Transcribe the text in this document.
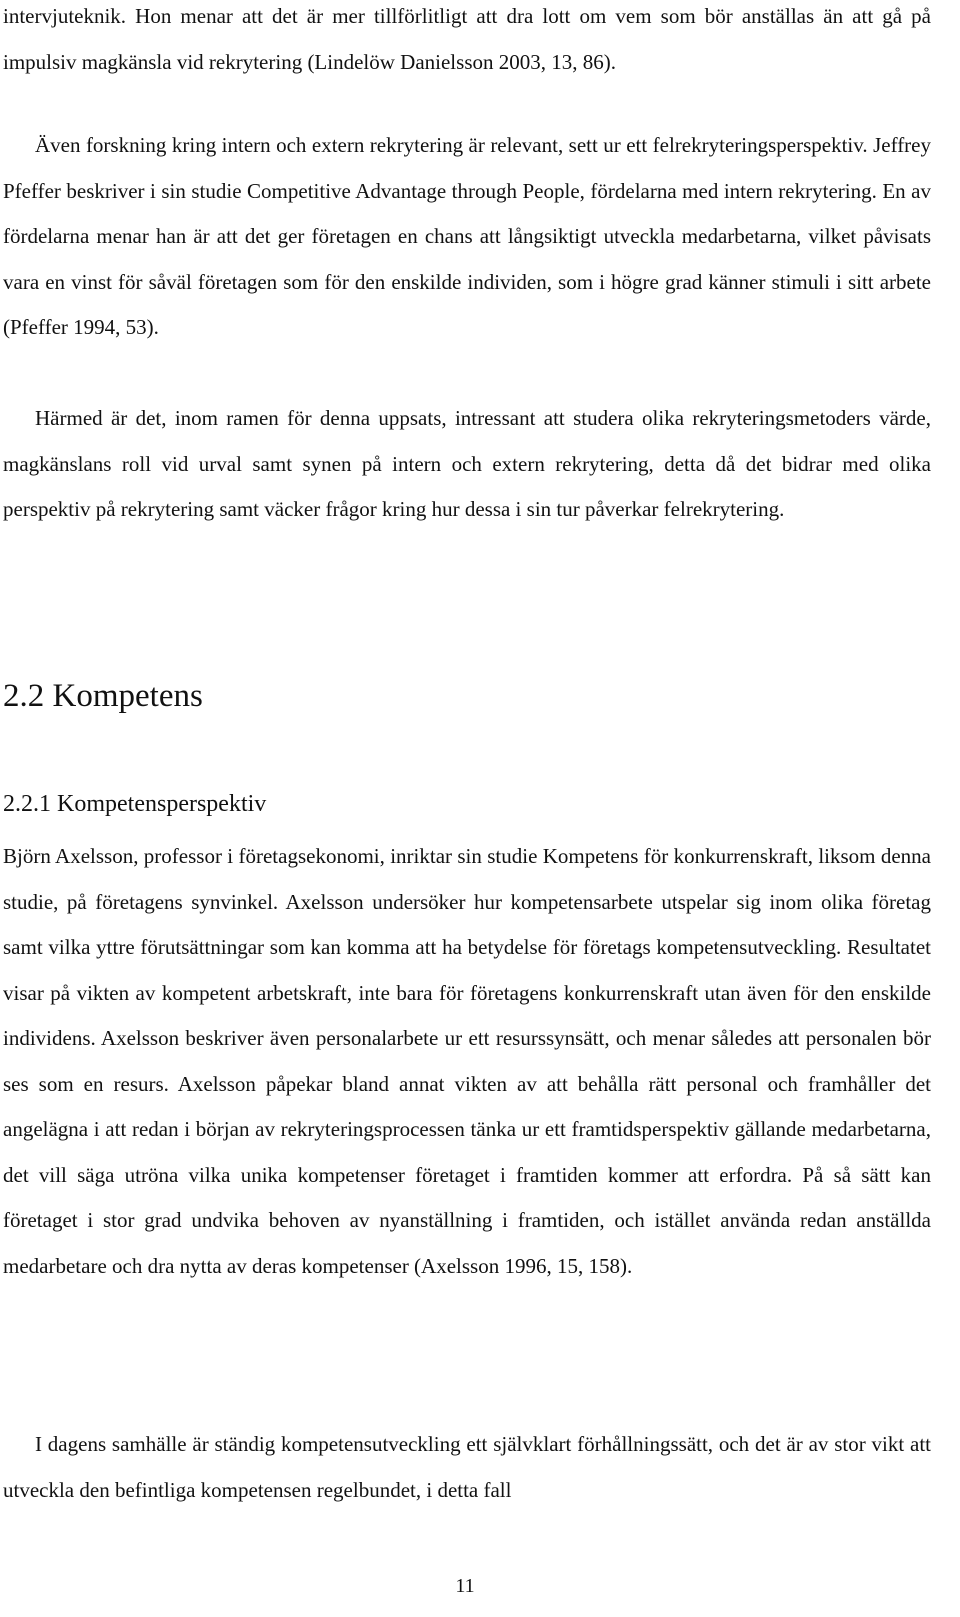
intervjuteknik. Hon menar att det är mer tillförlitligt att dra lott om vem som bör anställas än att gå på impulsiv magkänsla vid rekrytering (Lindelöw Danielsson 2003, 13, 86).

Även forskning kring intern och extern rekrytering är relevant, sett ur ett felrekryteringsperspektiv. Jeffrey Pfeffer beskriver i sin studie Competitive Advantage through People, fördelarna med intern rekrytering. En av fördelarna menar han är att det ger företagen en chans att långsiktigt utveckla medarbetarna, vilket påvisats vara en vinst för såväl företagen som för den enskilde individen, som i högre grad känner stimuli i sitt arbete (Pfeffer 1994, 53).

Härmed är det, inom ramen för denna uppsats, intressant att studera olika rekryteringsmetoders värde, magkänslans roll vid urval samt synen på intern och extern rekrytering, detta då det bidrar med olika perspektiv på rekrytering samt väcker frågor kring hur dessa i sin tur påverkar felrekrytering.

2.2 Kompetens
2.2.1 Kompetensperspektiv

Björn Axelsson, professor i företagsekonomi, inriktar sin studie Kompetens för konkurrenskraft, liksom denna studie, på företagens synvinkel. Axelsson undersöker hur kompetensarbete utspelar sig inom olika företag samt vilka yttre förutsättningar som kan komma att ha betydelse för företags kompetensutveckling. Resultatet visar på vikten av kompetent arbetskraft, inte bara för företagens konkurrenskraft utan även för den enskilde individens. Axelsson beskriver även personalarbete ur ett resurssynsätt, och menar således att personalen bör ses som en resurs. Axelsson påpekar bland annat vikten av att behålla rätt personal och framhåller det angelägna i att redan i början av rekryteringsprocessen tänka ur ett framtidsperspektiv gällande medarbetarna, det vill säga utröna vilka unika kompetenser företaget i framtiden kommer att erfordra. På så sätt kan företaget i stor grad undvika behoven av nyanställning i framtiden, och istället använda redan anställda medarbetare och dra nytta av deras kompetenser (Axelsson 1996, 15, 158).

I dagens samhälle är ständig kompetensutveckling ett självklart förhållningssätt, och det är av stor vikt att utveckla den befintliga kompetensen regelbundet, i detta fall

11
